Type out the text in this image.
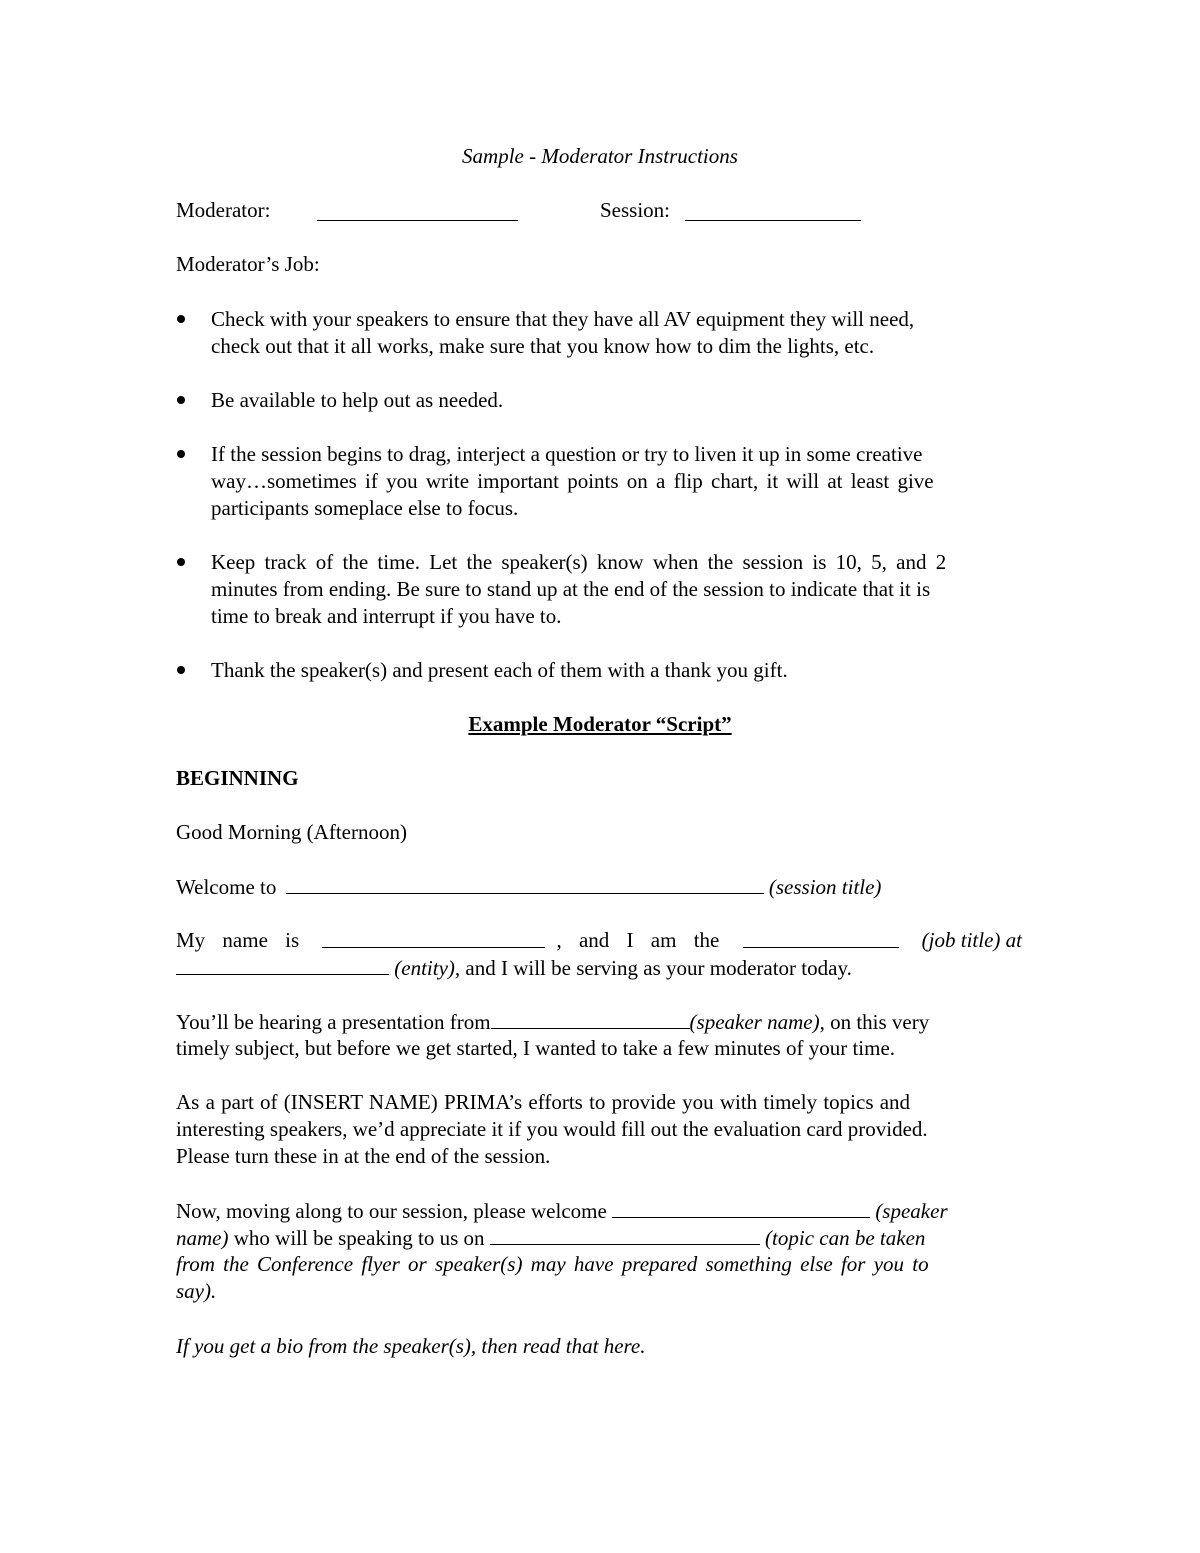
Sample - Moderator Instructions
Moderator:	Session:
Moderator’s Job:
Check with your speakers to ensure that they have all AV equipment they will need,
check out that it all works, make sure that you know how to dim the lights, etc.
Be available to help out as needed.
If the session begins to drag, interject a question or try to liven it up in some creative
way…sometimes if you write important points on a flip chart, it will at least give
participants someplace else to focus.
Keep track of the time. Let the speaker(s) know when the session is 10, 5, and 2
minutes from ending. Be sure to stand up at the end of the session to indicate that it is
time to break and interrupt if you have to.
Thank the speaker(s) and present each of them with a thank you gift.
Example Moderator “Script”
BEGINNING
Good Morning (Afternoon)
Welcome to	(session title)
My name is	, and I am the	(job title) at
(entity), and I will be serving as your moderator today.
You’ll be hearing a presentation from	(speaker name), on this very
timely subject, but before we get started, I wanted to take a few minutes of your time.
As a part of (INSERT NAME) PRIMA’s efforts to provide you with timely topics and
interesting speakers, we’d appreciate it if you would fill out the evaluation card provided.
Please turn these in at the end of the session.
Now, moving along to our session, please welcome	(speaker
name) who will be speaking to us on	(topic can be taken
from the Conference flyer or speaker(s) may have prepared something else for you to
say).
If you get a bio from the speaker(s), then read that here.
